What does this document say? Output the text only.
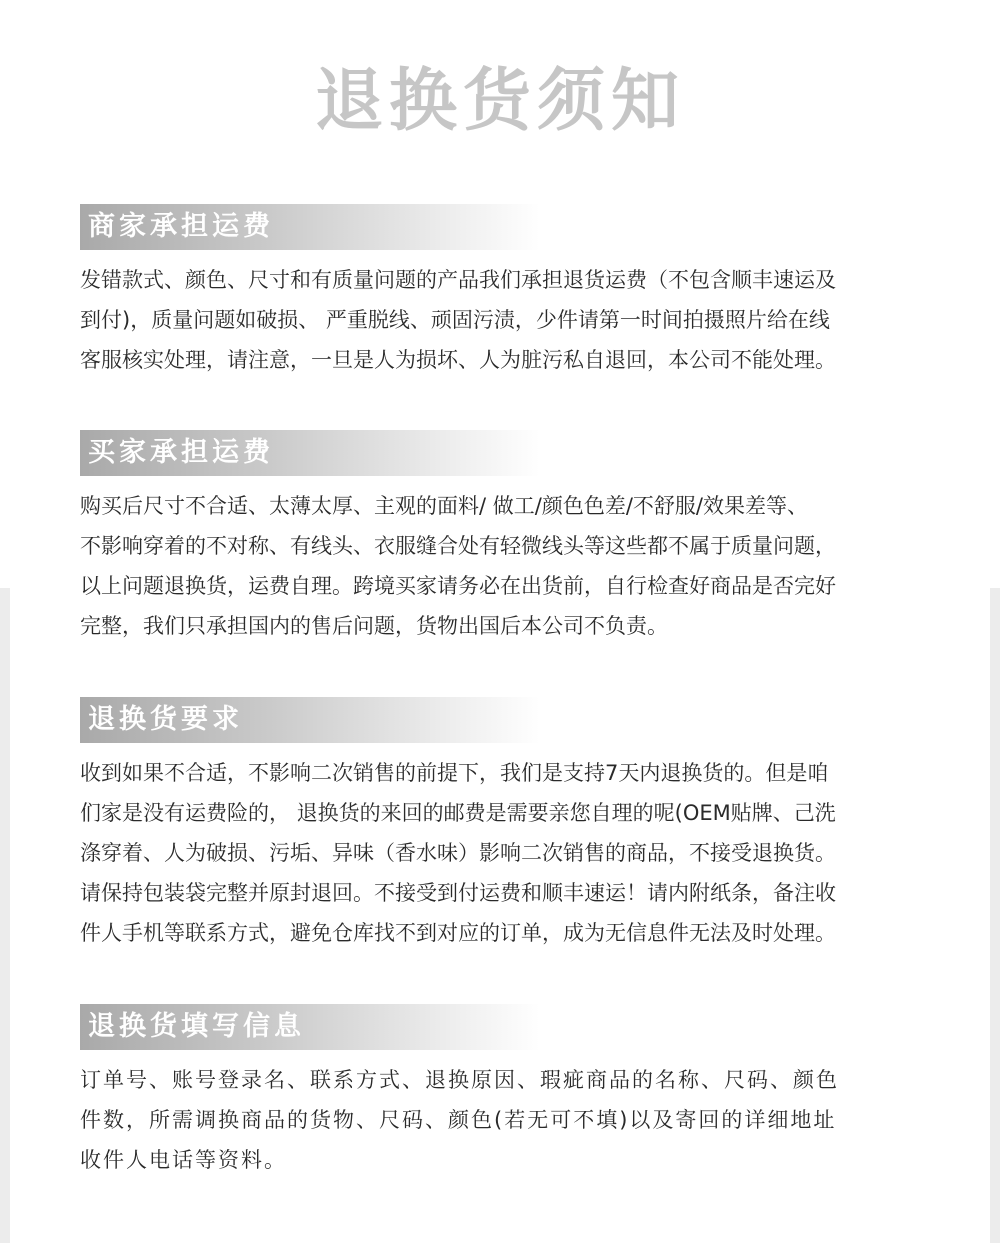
退换货须知
商家承担运费

发错款式、颜色、尺寸和有质量问题的产品我们承担退货运费（不包含顺丰速运及

到付)，质量问题如破损、 严重脱线、顽固污渍，少件请第一时间拍摄照片给在线

客服核实处理，请注意，一旦是人为损坏、人为脏污私自退回，本公司不能处理。

买家承担运费

购买后尺寸不合适、太薄太厚、主观的面料/ 做工/颜色色差/不舒服/效果差等、

不影响穿着的不对称、有线头、衣服缝合处有轻微线头等这些都不属于质量问题，

以上问题退换货，运费自理。跨境买家请务必在出货前，自行检查好商品是否完好

完整，我们只承担国内的售后问题，货物出国后本公司不负责。

退换货要求

收到如果不合适，不影响二次销售的前提下，我们是支持7天内退换货的。但是咱

们家是没有运费险的， 退换货的来回的邮费是需要亲您自理的呢(OEM贴牌、己洗

涤穿着、人为破损、污垢、异味（香水味）影响二次销售的商品，不接受退换货。

请保持包装袋完整并原封退回。不接受到付运费和顺丰速运！请内附纸条，备注收

件人手机等联系方式，避免仓库找不到对应的订单，成为无信息件无法及时处理。

退换货填写信息

订单号、账号登录名、联系方式、退换原因、瑕疵商品的名称、尺码、颜色

件数，所需调换商品的货物、尺码、颜色(若无可不填)以及寄回的详细地址

收件人电话等资料。
